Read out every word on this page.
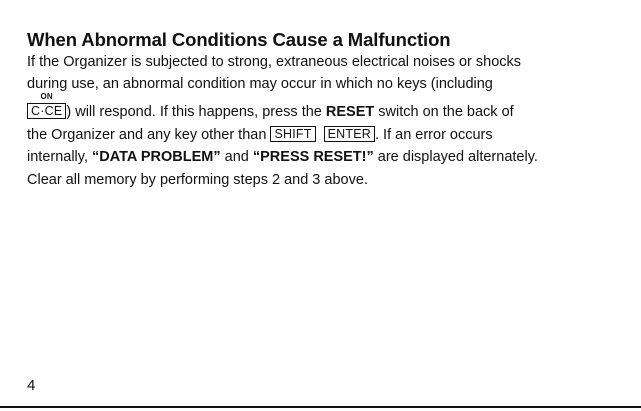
When Abnormal Conditions Cause a Malfunction

If the Organizer is subjected to strong, extraneous electrical noises or shocks

during use, an abnormal condition may occur in which no keys (including

ON
C·CE ) will respond. If this happens, press the RESET switch on the back of

the Organizer and any key other than SHIFT ENTER . If an error occurs

internally, “DATA PROBLEM” and “PRESS RESET!” are displayed alternately.

Clear all memory by performing steps 2 and 3 above.

4
